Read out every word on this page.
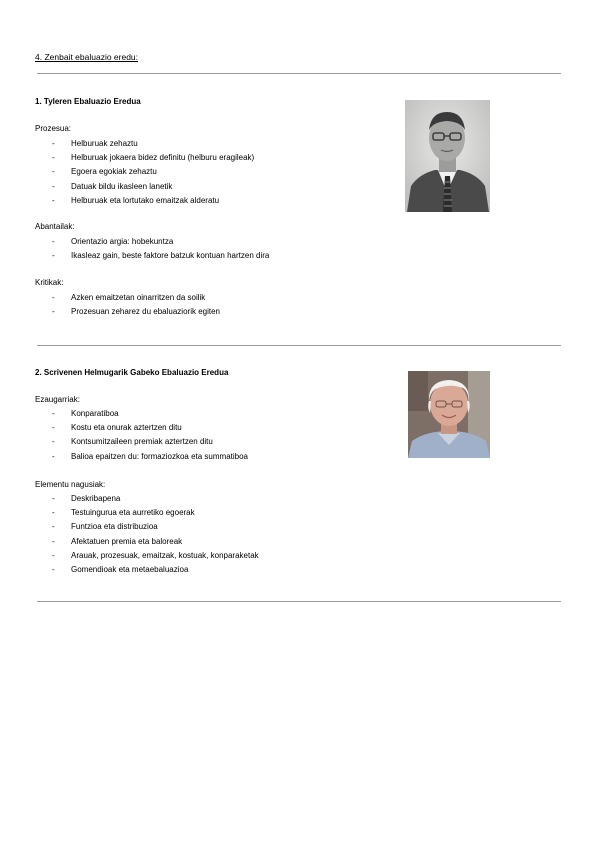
4. Zenbait ebaluazio eredu:
1. Tyleren Ebaluazio Eredua
Prozesua:
- Helburuak zehaztu
- Helburuak jokaera bidez definitu (helburu eragileak)
- Egoera egokiak zehaztu
- Datuak bildu ikasleen lanetik
- Helburuak eta lortutako emaitzak alderatu
Abantailak:
- Orientazio argia: hobekuntza
- Ikasleaz gain, beste faktore batzuk kontuan hartzen dira
Kritikak:
- Azken emaitzetan oinarritzen da soilik
- Prozesuan zeharez du ebaluaziorik egiten
2. Scrivenen Helmugarik Gabeko Ebaluazio Eredua
Ezaugarriak:
- Konparatiboa
- Kostu eta onurak aztertzen ditu
- Kontsumitzaileen premiak aztertzen ditu
- Balioa epaitzen du: formaziozkoa eta summatiboa
Elementu nagusiak:
- Deskribapena
- Testuingurua eta aurretiko egoerak
- Funtzioa eta distribuzioa
- Afektatuen premia eta baloreak
- Arauak, prozesuak, emaitzak, kostuak, konparaketak
- Gomendioak eta metaebaluazioa
